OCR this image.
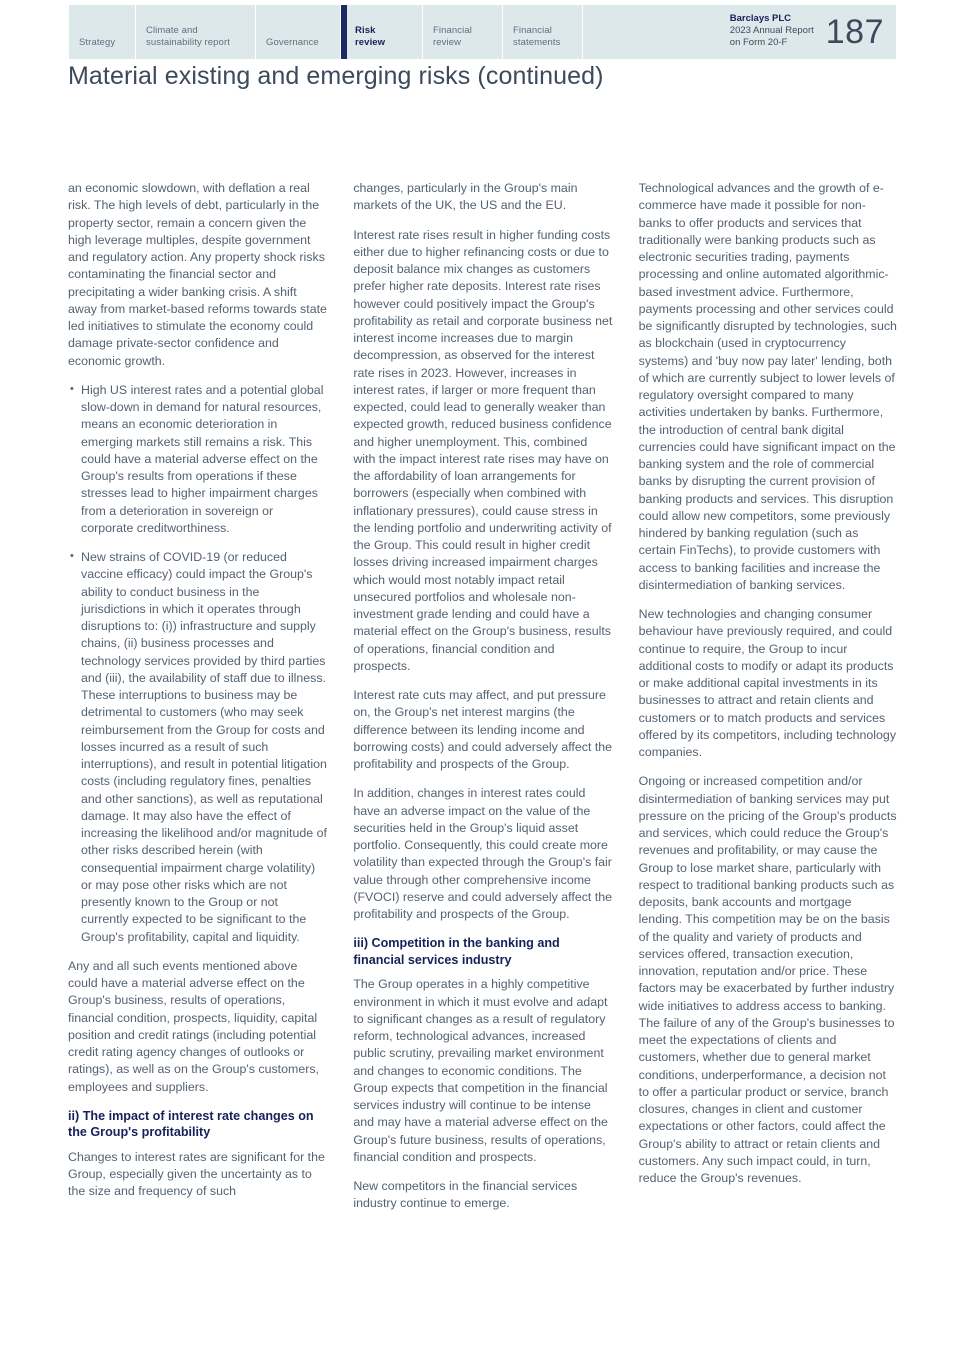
Strategy
Climate and
sustainability report	Governance
Risk
review
Financial
review
Financial
statements
Barclays PLC
2023 Annual Report
on Form 20-F	187
Material existing and emerging risks (continued)

an economic slowdown, with deflation a real risk. The high levels of debt, particularly in the property sector, remain a concern given the high leverage multiples, despite government and regulatory action. Any property shock risks contaminating the financial sector and precipitating a wider banking crisis. A shift away from market-based reforms towards state led initiatives to stimulate the economy could damage private-sector confidence and economic growth.

• High US interest rates and a potential global slow-down in demand for natural resources, means an economic deterioration in emerging markets still remains a risk. This could have a material adverse effect on the Group's results from operations if these stresses lead to higher impairment charges from a deterioration in sovereign or corporate creditworthiness.
• New strains of COVID-19 (or reduced vaccine efficacy) could impact the Group's ability to conduct business in the jurisdictions in which it operates through disruptions to: (i)) infrastructure and supply chains, (ii) business processes and technology services provided by third parties and (iii), the availability of staff due to illness. These interruptions to business may be detrimental to customers (who may seek reimbursement from the Group for costs and losses incurred as a result of such interruptions), and result in potential litigation costs (including regulatory fines, penalties and other sanctions), as well as reputational damage. It may also have the effect of increasing the likelihood and/or magnitude of other risks described herein (with consequential impairment charge volatility) or may pose other risks which are not presently known to the Group or not currently expected to be significant to the Group's profitability, capital and liquidity.

Any and all such events mentioned above could have a material adverse effect on the Group's business, results of operations, financial condition, prospects, liquidity, capital position and credit ratings (including potential credit rating agency changes of outlooks or ratings), as well as on the Group's customers, employees and suppliers.

ii) The impact of interest rate changes on the Group's profitability

Changes to interest rates are significant for the Group, especially given the uncertainty as to the size and frequency of such

changes, particularly in the Group's main markets of the UK, the US and the EU.

Interest rate rises result in higher funding costs either due to higher refinancing costs or due to deposit balance mix changes as customers prefer higher rate deposits. Interest rate rises however could positively impact the Group's profitability as retail and corporate business net interest income increases due to margin decompression, as observed for the interest rate rises in 2023. However, increases in interest rates, if larger or more frequent than expected, could lead to generally weaker than expected growth, reduced business confidence and higher unemployment. This, combined with the impact interest rate rises may have on the affordability of loan arrangements for borrowers (especially when combined with inflationary pressures), could cause stress in the lending portfolio and underwriting activity of the Group. This could result in higher credit losses driving increased impairment charges which would most notably impact retail unsecured portfolios and wholesale non-investment grade lending and could have a material effect on the Group's business, results of operations, financial condition and prospects.

Interest rate cuts may affect, and put pressure on, the Group's net interest margins (the difference between its lending income and borrowing costs) and could adversely affect the profitability and prospects of the Group.

In addition, changes in interest rates could have an adverse impact on the value of the securities held in the Group's liquid asset portfolio. Consequently, this could create more volatility than expected through the Group's fair value through other comprehensive income (FVOCI) reserve and could adversely affect the profitability and prospects of the Group.

iii) Competition in the banking and financial services industry

The Group operates in a highly competitive environment in which it must evolve and adapt to significant changes as a result of regulatory reform, technological advances, increased public scrutiny, prevailing market environment and changes to economic conditions. The Group expects that competition in the financial services industry will continue to be intense and may have a material adverse effect on the Group's future business, results of operations, financial condition and prospects.

New competitors in the financial services industry continue to emerge.

Technological advances and the growth of e-commerce have made it possible for non-banks to offer products and services that traditionally were banking products such as electronic securities trading, payments processing and online automated algorithmic-based investment advice. Furthermore, payments processing and other services could be significantly disrupted by technologies, such as blockchain (used in cryptocurrency systems) and 'buy now pay later' lending, both of which are currently subject to lower levels of regulatory oversight compared to many activities undertaken by banks. Furthermore, the introduction of central bank digital currencies could have significant impact on the banking system and the role of commercial banks by disrupting the current provision of banking products and services. This disruption could allow new competitors, some previously hindered by banking regulation (such as certain FinTechs), to provide customers with access to banking facilities and increase the disintermediation of banking services.

New technologies and changing consumer behaviour have previously required, and could continue to require, the Group to incur additional costs to modify or adapt its products or make additional capital investments in its businesses to attract and retain clients and customers or to match products and services offered by its competitors, including technology companies.

Ongoing or increased competition and/or disintermediation of banking services may put pressure on the pricing of the Group's products and services, which could reduce the Group's revenues and profitability, or may cause the Group to lose market share, particularly with respect to traditional banking products such as deposits, bank accounts and mortgage lending. This competition may be on the basis of the quality and variety of products and services offered, transaction execution, innovation, reputation and/or price. These factors may be exacerbated by further industry wide initiatives to address access to banking. The failure of any of the Group's businesses to meet the expectations of clients and customers, whether due to general market conditions, underperformance, a decision not to offer a particular product or service, branch closures, changes in client and customer expectations or other factors, could affect the Group's ability to attract or retain clients and customers. Any such impact could, in turn, reduce the Group's revenues.
